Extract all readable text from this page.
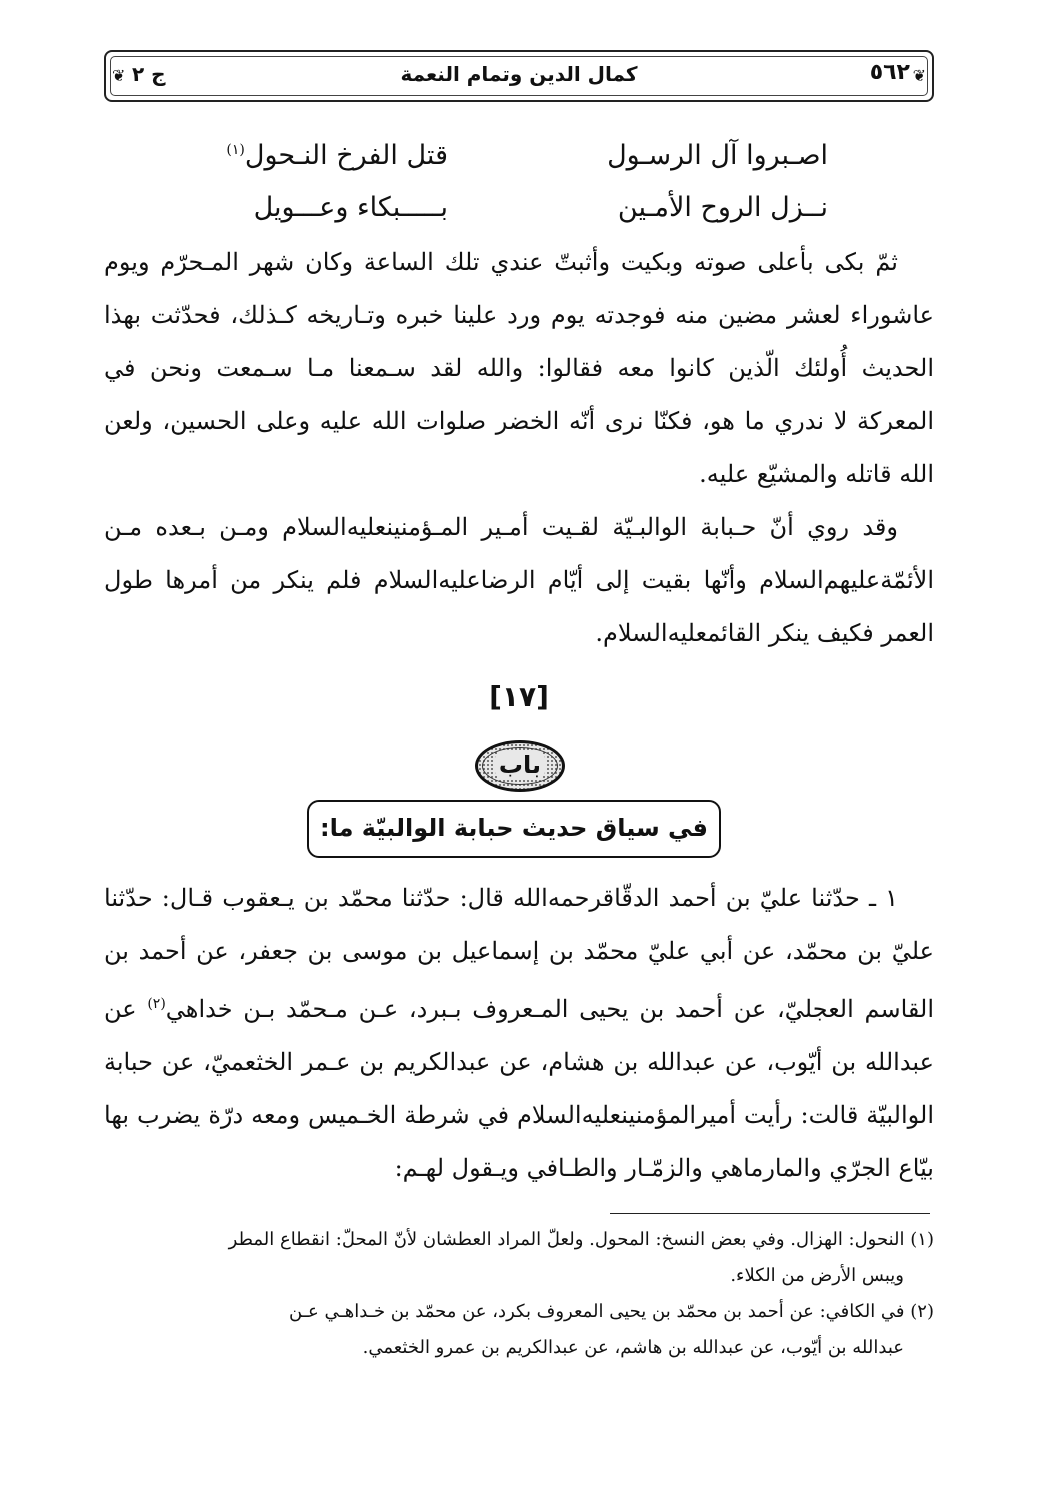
❦
٥٦٢
كمال الدين وتمام النعمة
ج ٢
❦
اصـبروا آل الرسـول
قتل الفرخ النـحول$^{(١)}$
نــزل الروح الأمـين
بـــــبكاء وعـــويل

ثمّ بكى بأعلى صوته وبكيت وأثبتّ عندي تلك الساعة وكان شهر المـحرّم ويوم عاشوراء لعشر مضين منه فوجدته يوم ورد علينا خبره وتـاريخه كـذلك، فحدّثت بهذا الحديث أُولئك الّذين كانوا معه فقالوا: والله لقد سـمعنا مـا سـمعت ونحن في المعركة لا ندري ما هو، فكنّا نرى أنّه الخضر صلوات الله عليه وعلى الحسين، ولعن الله قاتله والمشيّع عليه.

وقد روي أنّ حـبابة الوالبـيّة لقـيت أمـير المـؤمنينعليه‌السلام ومـن بـعده مـن الأئمّةعليهم‌السلام وأنّها بقيت إلى أيّام الرضاعليه‌السلام فلم ينكر من أمرها طول العمر فكيف ينكر القائمعليه‌السلام.

[١٧]
باب
في سياق حديث حبابة الوالبيّة ما:

١ ـ حدّثنا عليّ بن أحمد الدقّاقرحمه‌الله قال: حدّثنا محمّد بن يـعقوب قـال: حدّثنا عليّ بن محمّد، عن أبي عليّ محمّد بن إسماعيل بن موسى بن جعفر، عن أحمد بن القاسم العجليّ، عن أحمد بن يحيى المـعروف بـبرد، عـن مـحمّد بـن خداهي$^{(٢)}$ عن عبدالله بن أيّوب، عن عبدالله بن هشام، عن عبدالكريم بن عـمر الخثعميّ، عن حبابة الوالبيّة قالت: رأيت أميرالمؤمنينعليه‌السلام في شرطة الخـميس ومعه درّة يضرب بها بيّاع الجرّي والمارماهي والزمّـار والطـافي ويـقول لهـم:

(١) النحول: الهزال. وفي بعض النسخ: المحول. ولعلّ المراد العطشان لأنّ المحلّ: انقطاع المطر

ويبس الأرض من الكلاء.

(٢) في الكافي: عن أحمد بن محمّد بن يحيى المعروف بكرد، عن محمّد بن خـداهـي عـن

عبدالله بن أيّوب، عن عبدالله بن هاشم، عن عبدالكريم بن عمرو الخثعمي.
